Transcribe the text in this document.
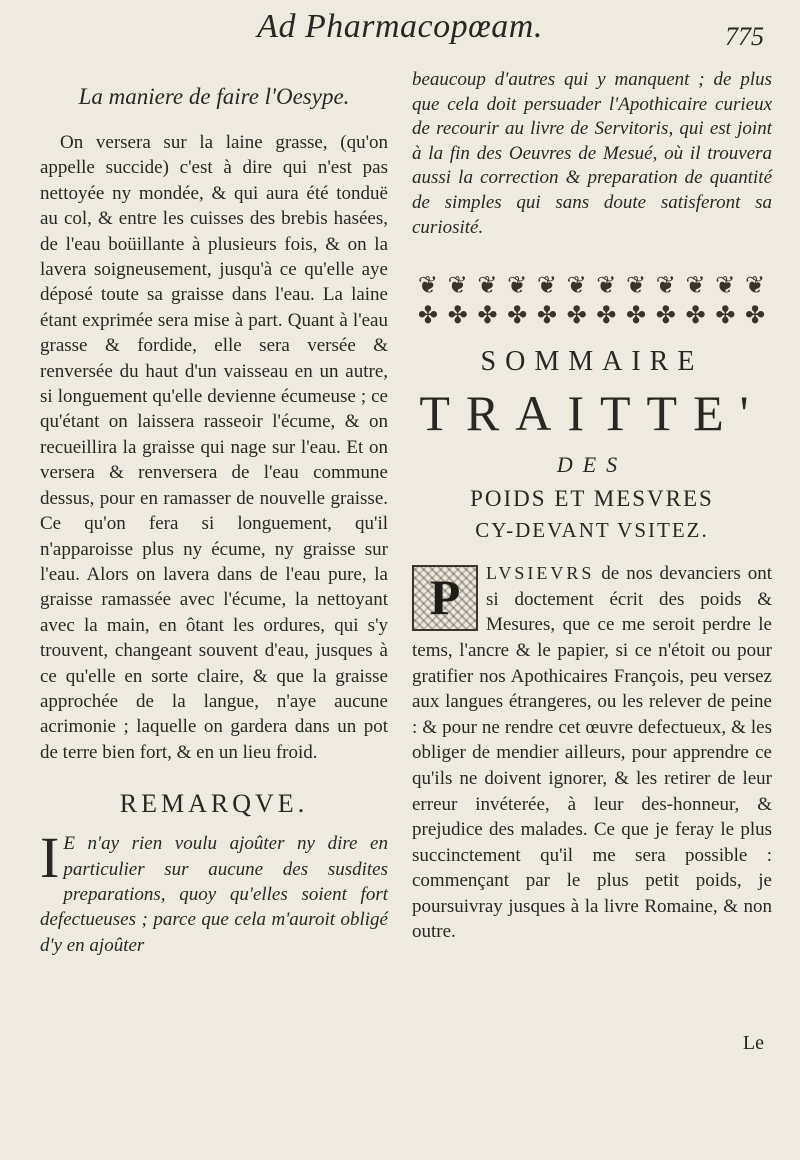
Ad Pharmacopœam.	775
La maniere de faire l'Oesype.

On versera sur la laine grasse, (qu'on appelle succide) c'est à dire qui n'est pas nettoyée ny mondée, & qui aura été tonduë au col, & entre les cuisses des brebis hasées, de l'eau boüillante à plusieurs fois, & on la lavera soigneusement, jusqu'à ce qu'elle aye déposé toute sa graisse dans l'eau. La laine étant exprimée sera mise à part. Quant à l'eau grasse & fordide, elle sera versée & renversée du haut d'un vaisseau en un autre, si longuement qu'elle devienne écumeuse ; ce qu'étant on laissera rasseoir l'écume, & on recueillira la graisse qui nage sur l'eau. Et on versera & renversera de l'eau commune dessus, pour en ramasser de nouvelle graisse. Ce qu'on fera si longuement, qu'il n'apparoisse plus ny écume, ny graisse sur l'eau. Alors on lavera dans de l'eau pure, la graisse ramassée avec l'écume, la nettoyant avec la main, en ôtant les ordures, qui s'y trouvent, changeant souvent d'eau, jusques à ce qu'elle en sorte claire, & que la graisse approchée de la langue, n'aye aucune acrimonie ; laquelle on gardera dans un pot de terre bien fort, & en un lieu froid.

REMARQVE.

I E n'ay rien voulu ajoûter ny dire en particulier sur aucune des susdites preparations, quoy qu'elles soient fort defectueuses ; parce que cela m'auroit obligé d'y en ajoûter

beaucoup d'autres qui y manquent ; de plus que cela doit persuader l'Apothicaire curieux de recourir au livre de Servitoris, qui est joint à la fin des Oeuvres de Mesué, où il trouvera aussi la correction & preparation de quantité de simples qui sans doute satisferont sa curiosité.

❦ ❦ ❦ ❦ ❦ ❦ ❦ ❦ ❦ ❦ ❦ ❦
✤ ✤ ✤ ✤ ✤ ✤ ✤ ✤ ✤ ✤ ✤ ✤
SOMMAIRE
TRAITTE'
DES
POIDS ET MESVRES
CY-DEVANT VSITEZ.

P	LVSIEVRS de nos devanciers ont si doctement écrit des poids & Mesures, que ce me seroit perdre le tems, l'ancre & le papier, si ce n'étoit ou pour gratifier nos Apothicaires François, peu versez aux langues étrangeres, ou les relever de peine : & pour ne rendre cet œuvre defectueux, & les obliger de mendier ailleurs, pour apprendre ce qu'ils ne doivent ignorer, & les retirer de leur erreur invéterée, à leur des-honneur, & prejudice des malades. Ce que je feray le plus succinctement qu'il me sera possible : commençant par le plus petit poids, je poursuivray jusques à la livre Romaine, & non outre.

Le
